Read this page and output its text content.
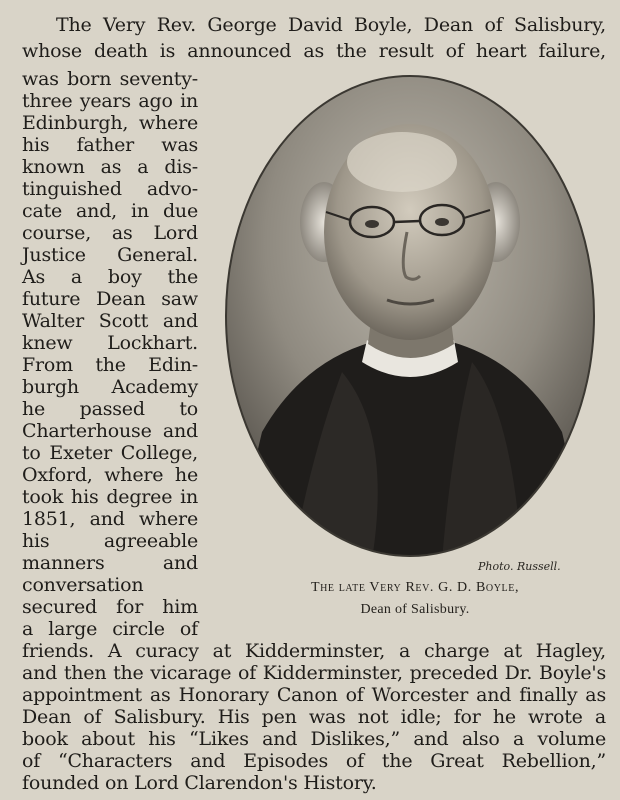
The Very Rev. George David Boyle, Dean of Salisbury,
whose death is announced as the result of heart failure,
was born seventy-
three years ago in
Edinburgh, where
his father was
known as a dis-
tinguished advo-
cate and, in due
course, as Lord
Justice General.
As a boy the
future Dean saw
Walter Scott and
knew Lockhart.
From the Edin-
burgh Academy
he passed to
Charterhouse and
to Exeter College,
Oxford, where he
took his degree in
1851, and where
his agreeable
manners and
conversation
secured for him
a large circle of
friends. A curacy at Kidderminster, a charge at Hagley,
and then the vicarage of Kidderminster, preceded Dr. Boyle's
appointment as Honorary Canon of Worcester and finally as
Dean of Salisbury. His pen was not idle; for he wrote a
book about his “Likes and Dislikes,” and also a volume
of “Characters and Episodes of the Great Rebellion,”
Photo. Russell.
The late Very Rev. G. D. Boyle,
Dean of Salisbury.
founded on Lord Clarendon's History.
